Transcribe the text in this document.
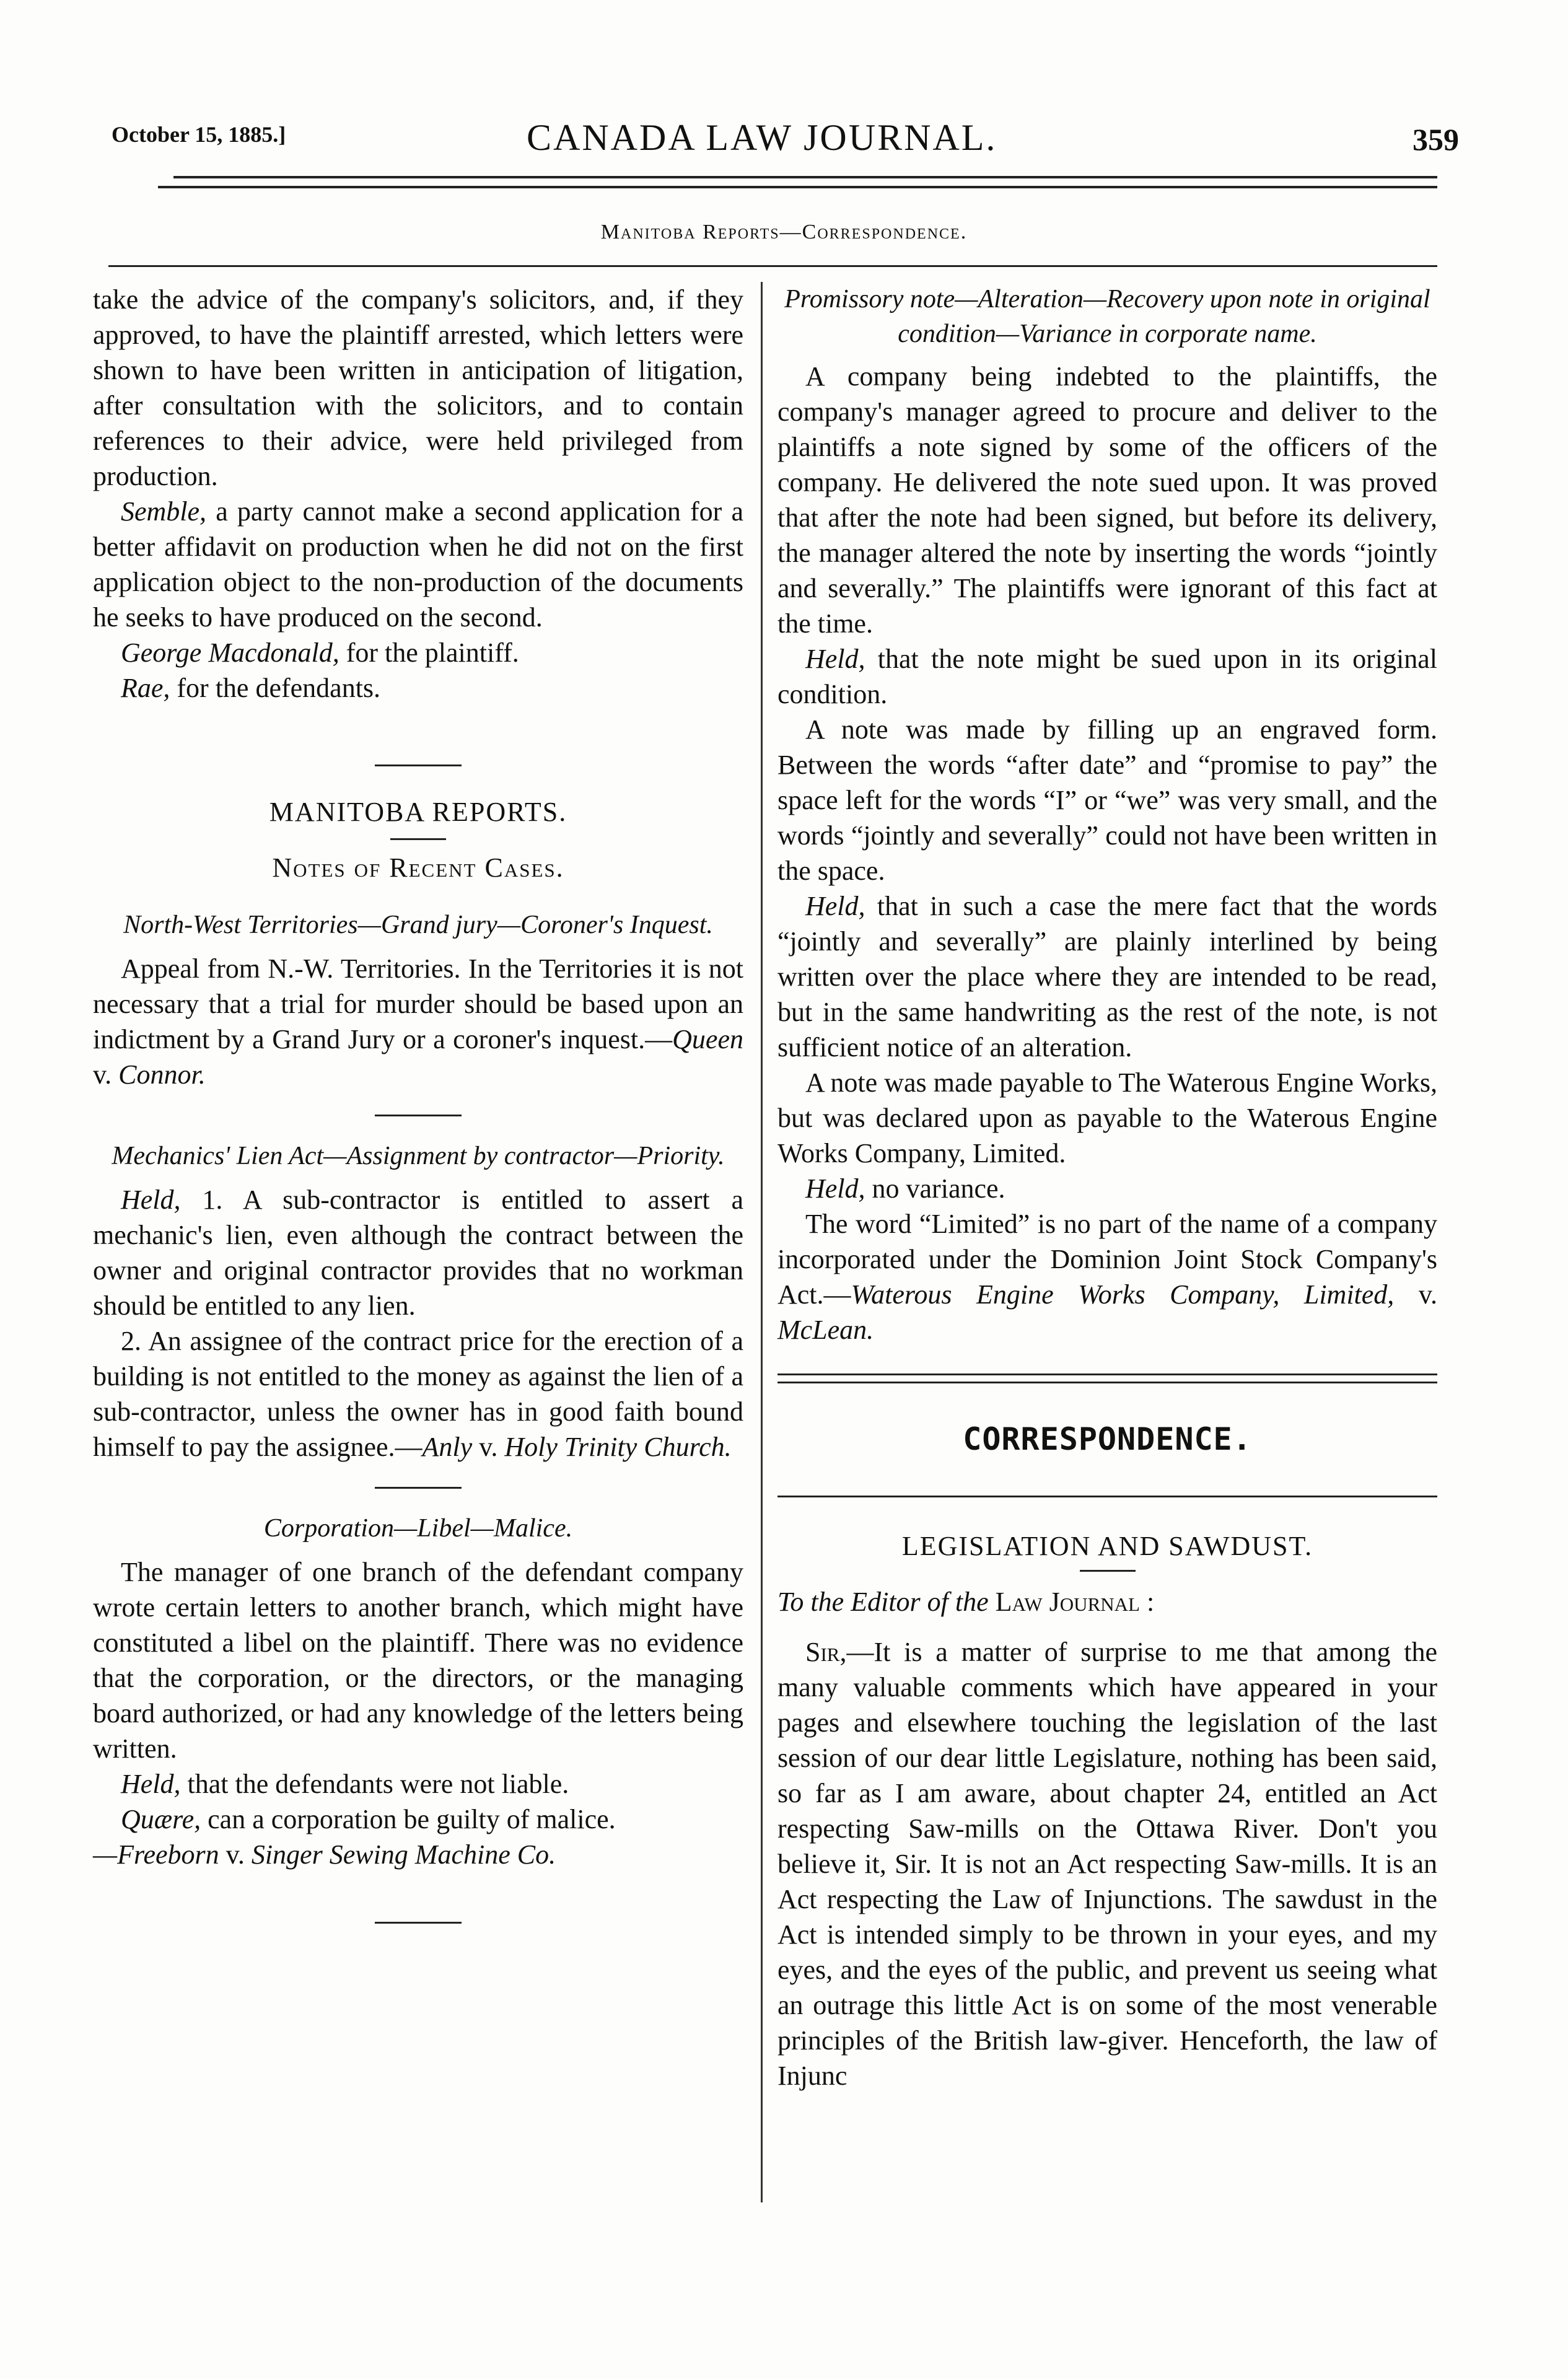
October 15, 1885.]	CANADA LAW JOURNAL.	359
Manitoba Reports—Correspondence.

take the advice of the company's solicitors, and, if they approved, to have the plaintiff arrested, which letters were shown to have been written in anticipation of litigation, after consultation with the solicitors, and to contain references to their advice, were held privileged from production.

Semble, a party cannot make a second application for a better affidavit on production when he did not on the first application object to the non-production of the documents he seeks to have produced on the second.

George Macdonald, for the plaintiff.

Rae, for the defendants.

MANITOBA REPORTS.

Notes of Recent Cases.

North-West Territories—Grand jury—Coroner's Inquest.

Appeal from N.-W. Territories. In the Territories it is not necessary that a trial for murder should be based upon an indictment by a Grand Jury or a coroner's inquest.—Queen v. Connor.

Mechanics' Lien Act—Assignment by contractor—Priority.

Held, 1. A sub-contractor is entitled to assert a mechanic's lien, even although the contract between the owner and original contractor provides that no workman should be entitled to any lien.

2. An assignee of the contract price for the erection of a building is not entitled to the money as against the lien of a sub-contractor, unless the owner has in good faith bound himself to pay the assignee.—Anly v. Holy Trinity Church.

Corporation—Libel—Malice.

The manager of one branch of the defendant company wrote certain letters to another branch, which might have constituted a libel on the plaintiff. There was no evidence that the corporation, or the directors, or the managing board authorized, or had any knowledge of the letters being written.

Held, that the defendants were not liable.

Quære, can a corporation be guilty of malice.

—Freeborn v. Singer Sewing Machine Co.

Promissory note—Alteration—Recovery upon note in original condition—Variance in corporate name.

A company being indebted to the plaintiffs, the company's manager agreed to procure and deliver to the plaintiffs a note signed by some of the officers of the company. He delivered the note sued upon. It was proved that after the note had been signed, but before its delivery, the manager altered the note by inserting the words “jointly and severally.” The plaintiffs were ignorant of this fact at the time.

Held, that the note might be sued upon in its original condition.

A note was made by filling up an engraved form. Between the words “after date” and “promise to pay” the space left for the words “I” or “we” was very small, and the words “jointly and severally” could not have been written in the space.

Held, that in such a case the mere fact that the words “jointly and severally” are plainly interlined by being written over the place where they are intended to be read, but in the same handwriting as the rest of the note, is not sufficient notice of an alteration.

A note was made payable to The Waterous Engine Works, but was declared upon as payable to the Waterous Engine Works Company, Limited.

Held, no variance.

The word “Limited” is no part of the name of a company incorporated under the Dominion Joint Stock Company's Act.—Waterous Engine Works Company, Limited, v. McLean.

CORRESPONDENCE.

LEGISLATION AND SAWDUST.

To the Editor of the Law Journal :

Sir,—It is a matter of surprise to me that among the many valuable comments which have appeared in your pages and elsewhere touching the legislation of the last session of our dear little Legislature, nothing has been said, so far as I am aware, about chapter 24, entitled an Act respecting Saw-mills on the Ottawa River. Don't you believe it, Sir. It is not an Act respecting Saw-mills. It is an Act respecting the Law of Injunctions. The sawdust in the Act is intended simply to be thrown in your eyes, and my eyes, and the eyes of the public, and prevent us seeing what an outrage this little Act is on some of the most venerable principles of the British law-giver. Henceforth, the law of Injunc
